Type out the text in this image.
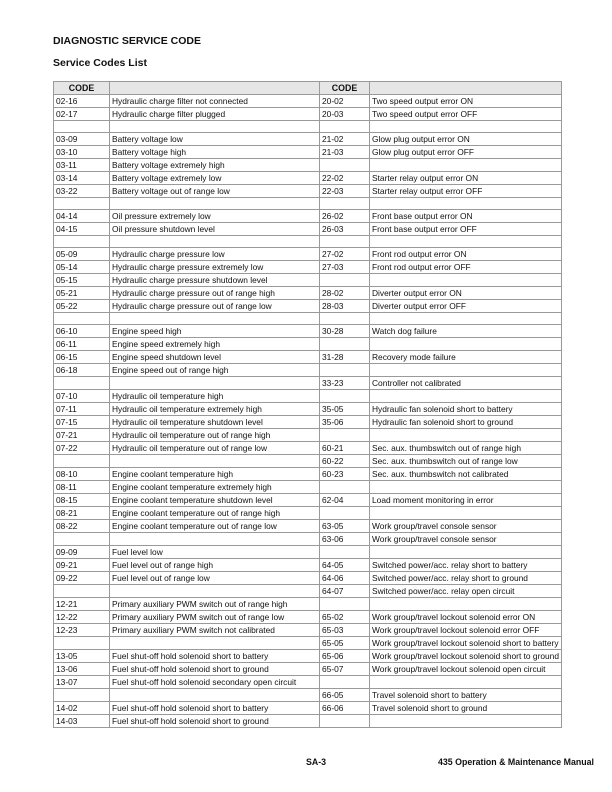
DIAGNOSTIC SERVICE CODE
Service Codes List
CODE		CODE	
02-16	Hydraulic charge filter not connected	20-02	Two speed output error ON
02-17	Hydraulic charge filter plugged	20-03	Two speed output error OFF

03-09	Battery voltage low	21-02	Glow plug output error ON
03-10	Battery voltage high	21-03	Glow plug output error OFF
03-11	Battery voltage extremely high		
03-14	Battery voltage extremely low	22-02	Starter relay output error ON
03-22	Battery voltage out of range low	22-03	Starter relay output error OFF

04-14	Oil pressure extremely low	26-02	Front base output error ON
04-15	Oil pressure shutdown level	26-03	Front base output error OFF

05-09	Hydraulic charge pressure low	27-02	Front rod output error ON
05-14	Hydraulic charge pressure extremely low	27-03	Front rod output error OFF
05-15	Hydraulic charge pressure shutdown level		
05-21	Hydraulic charge pressure out of range high	28-02	Diverter output error ON
05-22	Hydraulic charge pressure out of range low	28-03	Diverter output error OFF

06-10	Engine speed high	30-28	Watch dog failure
06-11	Engine speed extremely high		
06-15	Engine speed shutdown level	31-28	Recovery mode failure
06-18	Engine speed out of range high		
		33-23	Controller not calibrated
07-10	Hydraulic oil temperature high		
07-11	Hydraulic oil temperature extremely high	35-05	Hydraulic fan solenoid short to battery
07-15	Hydraulic oil temperature shutdown level	35-06	Hydraulic fan solenoid short to ground
07-21	Hydraulic oil temperature out of range high		
07-22	Hydraulic oil temperature out of range low	60-21	Sec. aux. thumbswitch out of range high
		60-22	Sec. aux. thumbswitch out of range low
08-10	Engine coolant temperature high	60-23	Sec. aux. thumbswitch not calibrated
08-11	Engine coolant temperature extremely high		
08-15	Engine coolant temperature shutdown level	62-04	Load moment monitoring in error
08-21	Engine coolant temperature out of range high		
08-22	Engine coolant temperature out of range low	63-05	Work group/travel console sensor
		63-06	Work group/travel console sensor
09-09	Fuel level low		
09-21	Fuel level out of range high	64-05	Switched power/acc. relay short to battery
09-22	Fuel level out of range low	64-06	Switched power/acc. relay short to ground
		64-07	Switched power/acc. relay open circuit
12-21	Primary auxiliary PWM switch out of range high		
12-22	Primary auxiliary PWM switch out of range low	65-02	Work group/travel lockout solenoid error ON
12-23	Primary auxiliary PWM switch not calibrated	65-03	Work group/travel lockout solenoid error OFF
		65-05	Work group/travel lockout solenoid short to battery
13-05	Fuel shut-off hold solenoid short to battery	65-06	Work group/travel lockout solenoid short to ground
13-06	Fuel shut-off hold solenoid short to ground	65-07	Work group/travel lockout solenoid open circuit
13-07	Fuel shut-off hold solenoid secondary open circuit		
		66-05	Travel solenoid short to battery
14-02	Fuel shut-off hold solenoid short to battery	66-06	Travel solenoid short to ground
14-03	Fuel shut-off hold solenoid short to ground		
SA-3	435 Operation & Maintenance Manual
